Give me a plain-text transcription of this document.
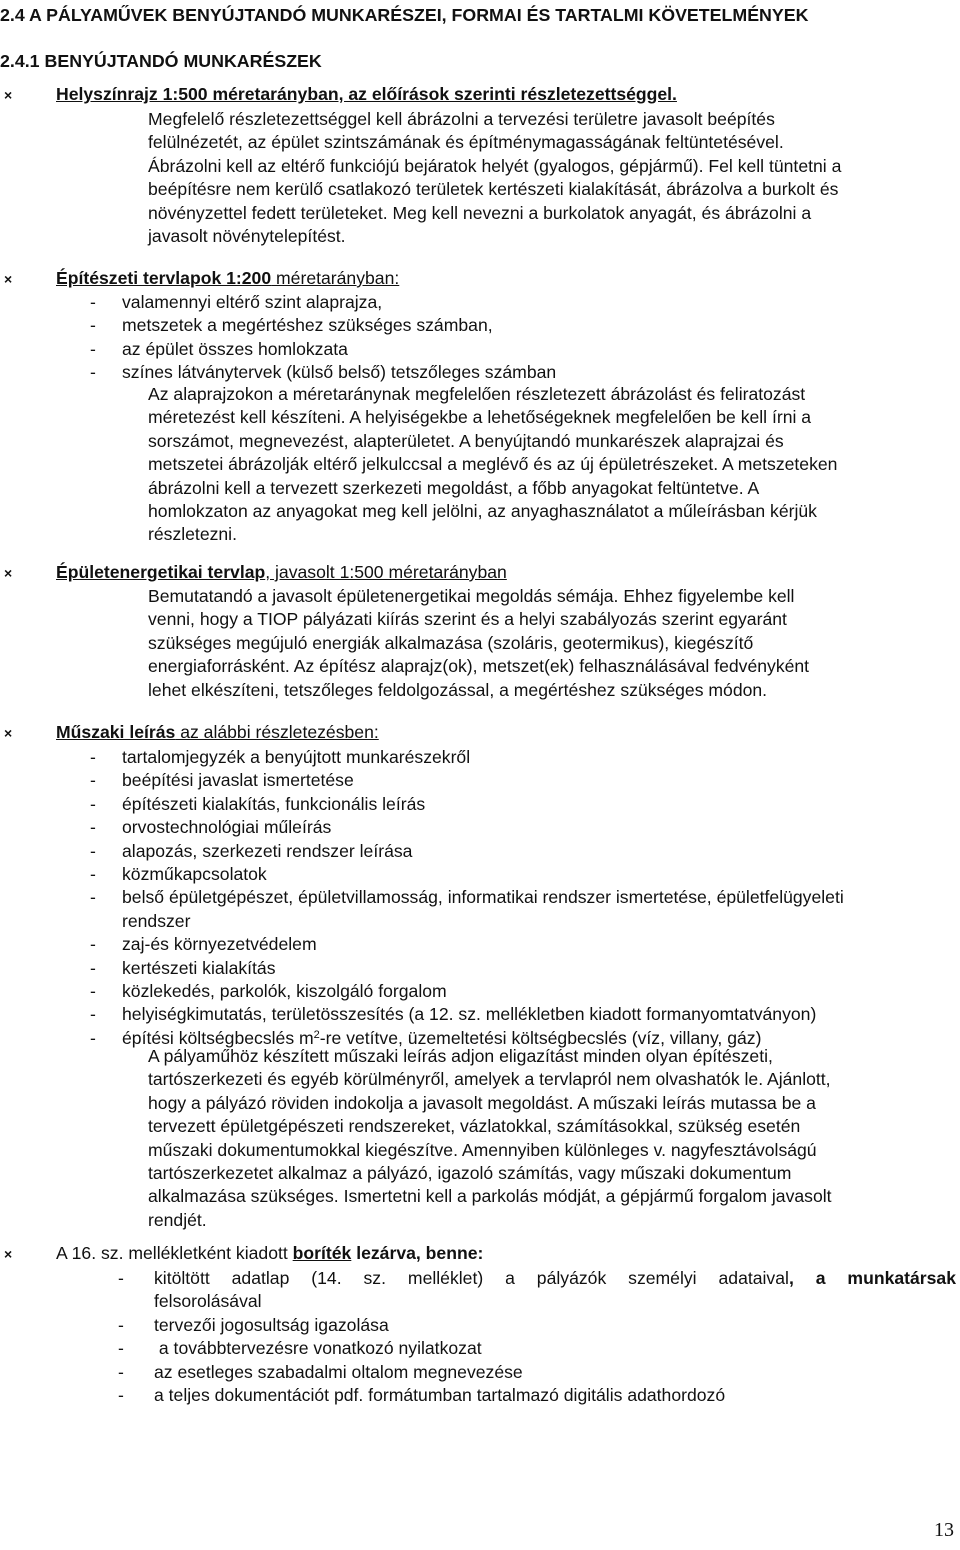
2.4 A PÁLYAMŰVEK BENYÚJTANDÓ MUNKARÉSZEI, FORMAI ÉS TARTALMI KÖVETELMÉNYEK
2.4.1 BENYÚJTANDÓ MUNKARÉSZEK
× Helyszínrajz 1:500 méretarányban, az előírások szerinti részletezettséggel.
Megfelelő részletezettséggel kell ábrázolni a tervezési területre javasolt beépítés
felülnézetét, az épület szintszámának és építménymagasságának feltüntetésével.
Ábrázolni kell az eltérő funkciójú bejáratok helyét (gyalogos, gépjármű). Fel kell tüntetni a
beépítésre nem kerülő csatlakozó területek kertészeti kialakítását, ábrázolva a burkolt és
növényzettel fedett területeket. Meg kell nevezni a burkolatok anyagát, és ábrázolni a
javasolt növénytelepítést.
× Építészeti tervlapok 1:200 méretarányban:
- valamennyi eltérő szint alaprajza,
- metszetek a megértéshez szükséges számban,
- az épület összes homlokzata
- színes látványtervek (külső belső) tetszőleges számban
Az alaprajzokon a méretaránynak megfelelően részletezett ábrázolást és feliratozást
méretezést kell készíteni. A helyiségekbe a lehetőségeknek megfelelően be kell írni a
sorszámot, megnevezést, alapterületet. A benyújtandó munkarészek alaprajzai és
metszetei ábrázolják eltérő jelkulccsal a meglévő és az új épületrészeket. A metszeteken
ábrázolni kell a tervezett szerkezeti megoldást, a főbb anyagokat feltüntetve. A
homlokzaton az anyagokat meg kell jelölni, az anyaghasználatot a műleírásban kérjük
részletezni.
× Épületenergetikai tervlap, javasolt 1:500 méretarányban
Bemutatandó a javasolt épületenergetikai megoldás sémája. Ehhez figyelembe kell
venni, hogy a TIOP pályázati kiírás szerint és a helyi szabályozás szerint egyaránt
szükséges megújuló energiák alkalmazása (szoláris, geotermikus), kiegészítő
energiaforrásként. Az építész alaprajz(ok), metszet(ek) felhasználásával fedvényként
lehet elkészíteni, tetszőleges feldolgozással, a megértéshez szükséges módon.
× Műszaki leírás az alábbi részletezésben:
- tartalomjegyzék a benyújtott munkarészekről
- beépítési javaslat ismertetése
- építészeti kialakítás, funkcionális leírás
- orvostechnológiai műleírás
- alapozás, szerkezeti rendszer leírása
- közműkapcsolatok
- belső épületgépészet, épületvillamosság, informatikai rendszer ismertetése, épületfelügyeleti
rendszer
- zaj-és környezetvédelem
- kertészeti kialakítás
- közlekedés, parkolók, kiszolgáló forgalom
- helyiségkimutatás, területösszesítés (a 12. sz. mellékletben kiadott formanyomtatványon)
- építési költségbecslés $m^2-re$ vetítve, üzemeltetési költségbecslés (víz, villany, gáz)
A pályaműhöz készített műszaki leírás adjon eligazítást minden olyan építészeti,
tartószerkezeti és egyéb körülményről, amelyek a tervlapról nem olvashatók le. Ajánlott,
hogy a pályázó röviden indokolja a javasolt megoldást. A műszaki leírás mutassa be a
tervezett épületgépészeti rendszereket, vázlatokkal, számításokkal, szükség esetén
műszaki dokumentumokkal kiegészítve. Amennyiben különleges v. nagyfesztávolságú
tartószerkezetet alkalmaz a pályázó, igazoló számítás, vagy műszaki dokumentum
alkalmazása szükséges. Ismertetni kell a parkolás módját, a gépjármű forgalom javasolt
rendjét.
× A 16. sz. mellékletként kiadott boríték lezárva, benne:
-	kitöltött adatlap (14. sz. melléklet) a pályázók személyi adataival, a munkatársak
felsorolásával
- tervezői jogosultság igazolása
- a továbbtervezésre vonatkozó nyilatkozat
- az esetleges szabadalmi oltalom megnevezése
- a teljes dokumentációt pdf. formátumban tartalmazó digitális adathordozó
13
